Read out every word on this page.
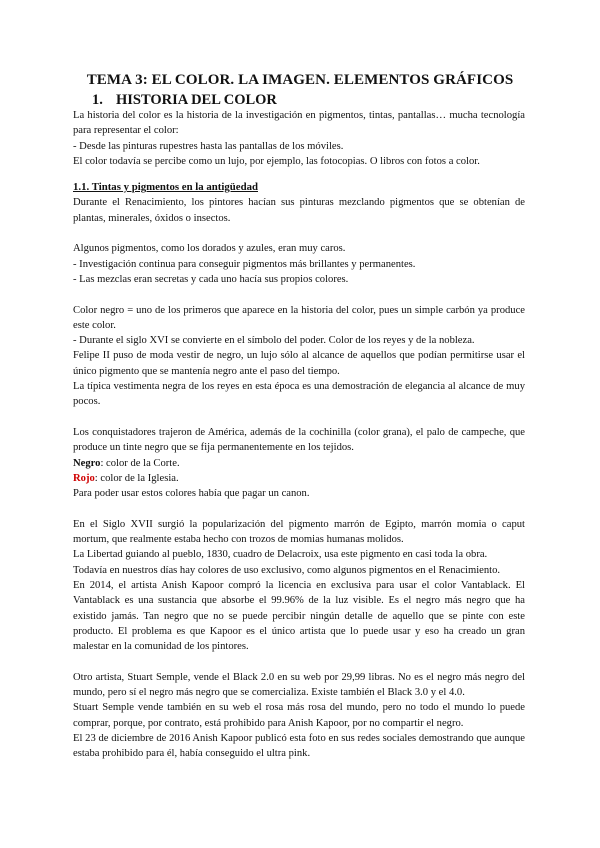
TEMA 3: EL COLOR. LA IMAGEN. ELEMENTOS GRÁFICOS
1. HISTORIA DEL COLOR

La historia del color es la historia de la investigación en pigmentos, tintas, pantallas… mucha tecnología para representar el color:

- Desde las pinturas rupestres hasta las pantallas de los móviles.

El color todavía se percibe como un lujo, por ejemplo, las fotocopias. O libros con fotos a color.

1.1. Tintas y pigmentos en la antigüedad

Durante el Renacimiento, los pintores hacían sus pinturas mezclando pigmentos que se obtenían de plantas, minerales, óxidos o insectos.

Algunos pigmentos, como los dorados y azules, eran muy caros.

- Investigación continua para conseguir pigmentos más brillantes y permanentes.

- Las mezclas eran secretas y cada uno hacía sus propios colores.

Color negro = uno de los primeros que aparece en la historia del color, pues un simple carbón ya produce este color.

- Durante el siglo XVI se convierte en el símbolo del poder. Color de los reyes y de la nobleza.

Felipe II puso de moda vestir de negro, un lujo sólo al alcance de aquellos que podían permitirse usar el único pigmento que se mantenía negro ante el paso del tiempo.

La típica vestimenta negra de los reyes en esta época es una demostración de elegancia al alcance de muy pocos.

Los conquistadores trajeron de América, además de la cochinilla (color grana), el palo de campeche, que produce un tinte negro que se fija permanentemente en los tejidos.

Negro: color de la Corte.

Rojo: color de la Iglesia.

Para poder usar estos colores había que pagar un canon.

En el Siglo XVII surgió la popularización del pigmento marrón de Egipto, marrón momia o caput mortum, que realmente estaba hecho con trozos de momias humanas molidos.

La Libertad guiando al pueblo, 1830, cuadro de Delacroix, usa este pigmento en casi toda la obra.

Todavía en nuestros días hay colores de uso exclusivo, como algunos pigmentos en el Renacimiento.

En 2014, el artista Anish Kapoor compró la licencia en exclusiva para usar el color Vantablack. El Vantablack es una sustancia que absorbe el 99.96% de la luz visible. Es el negro más negro que ha existido jamás. Tan negro que no se puede percibir ningún detalle de aquello que se pinte con este producto. El problema es que Kapoor es el único artista que lo puede usar y eso ha creado un gran malestar en la comunidad de los pintores.

Otro artista, Stuart Semple, vende el Black 2.0 en su web por 29,99 libras. No es el negro más negro del mundo, pero sí el negro más negro que se comercializa. Existe también el Black 3.0 y el 4.0.

Stuart Semple vende también en su web el rosa más rosa del mundo, pero no todo el mundo lo puede comprar, porque, por contrato, está prohibido para Anish Kapoor, por no compartir el negro.

El 23 de diciembre de 2016 Anish Kapoor publicó esta foto en sus redes sociales demostrando que aunque estaba prohibido para él, había conseguido el ultra pink.
